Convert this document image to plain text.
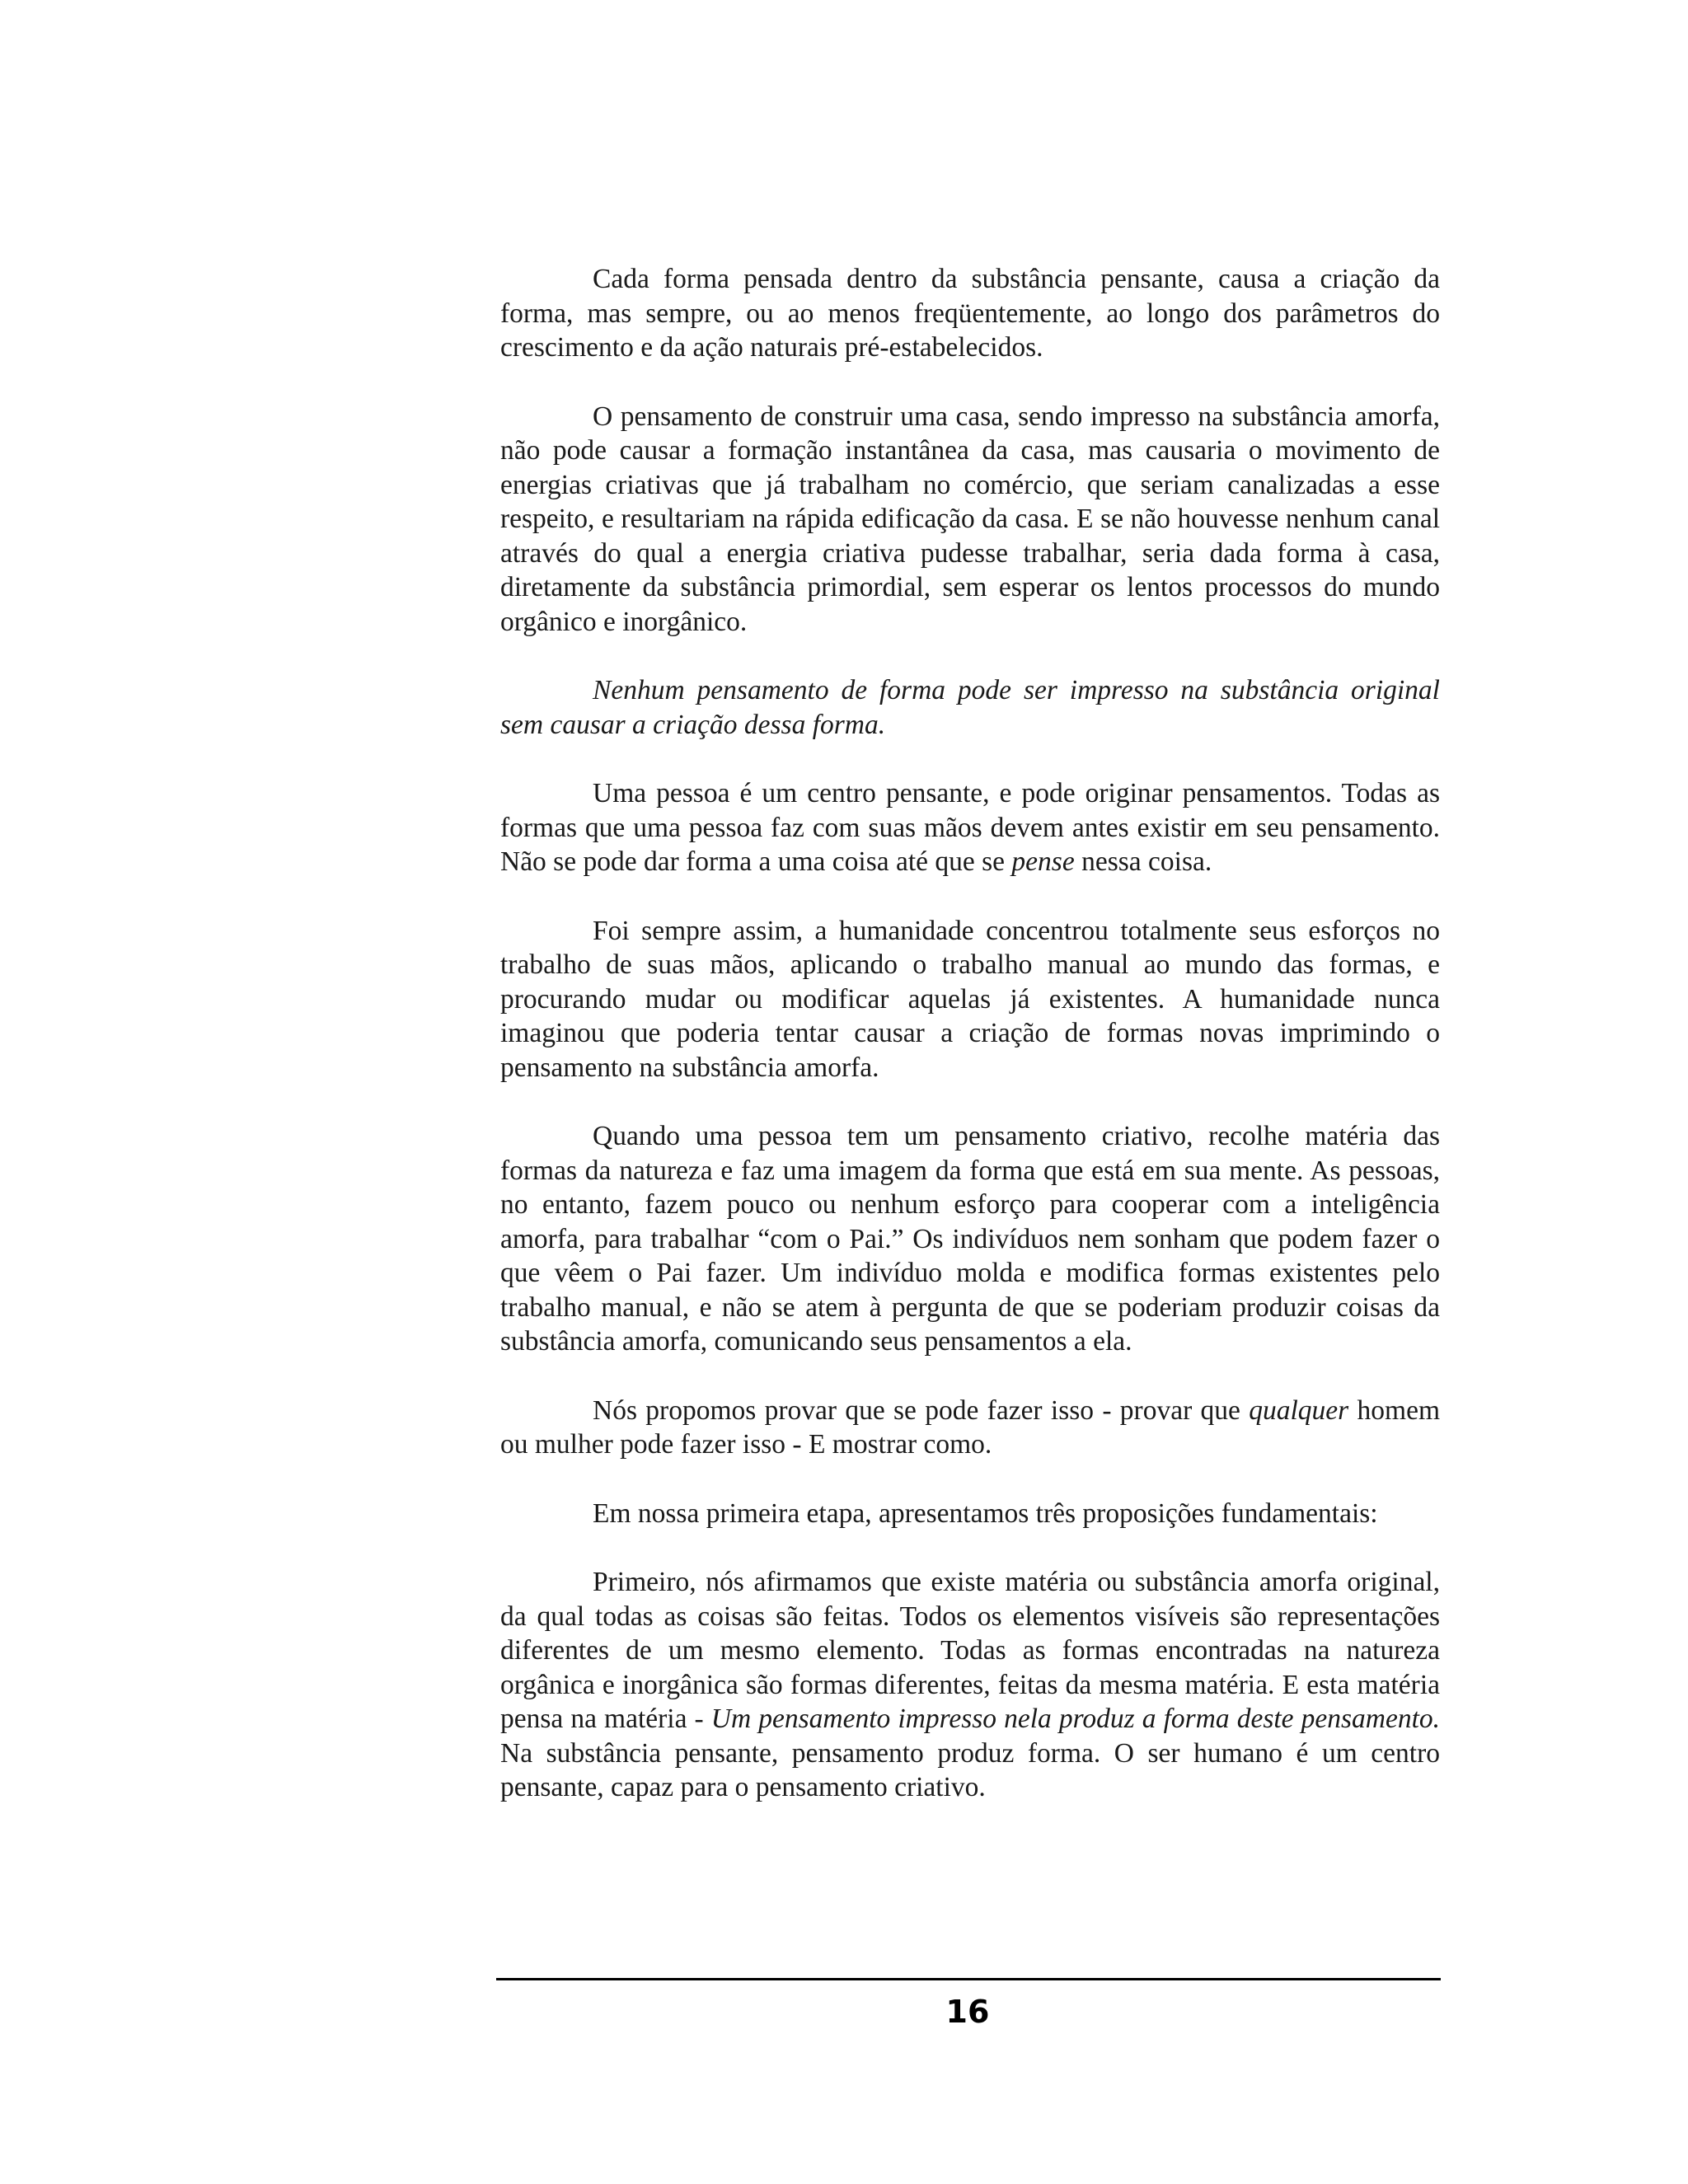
Cada forma pensada dentro da substância pensante, causa a criação da forma, mas sempre, ou ao menos freqüentemente, ao longo dos parâmetros do crescimento e da ação naturais pré-estabelecidos.

O pensamento de construir uma casa, sendo impresso na substância amorfa, não pode causar a formação instantânea da casa, mas causaria o movimento de energias criativas que já trabalham no comércio, que seriam canalizadas a esse respeito, e resultariam na rápida edificação da casa. E se não houvesse nenhum canal através do qual a energia criativa pudesse trabalhar, seria dada forma à casa, diretamente da substância primordial, sem esperar os lentos processos do mundo orgânico e inorgânico.

Nenhum pensamento de forma pode ser impresso na substância original sem causar a criação dessa forma.

Uma pessoa é um centro pensante, e pode originar pensamentos. Todas as formas que uma pessoa faz com suas mãos devem antes existir em seu pensamento. Não se pode dar forma a uma coisa até que se pense nessa coisa.

Foi sempre assim, a humanidade concentrou totalmente seus esforços no trabalho de suas mãos, aplicando o trabalho manual ao mundo das formas, e procurando mudar ou modificar aquelas já existentes. A humanidade nunca imaginou que poderia tentar causar a criação de formas novas imprimindo o pensamento na substância amorfa.

Quando uma pessoa tem um pensamento criativo, recolhe matéria das formas da natureza e faz uma imagem da forma que está em sua mente. As pessoas, no entanto, fazem pouco ou nenhum esforço para cooperar com a inteligência amorfa, para trabalhar “com o Pai.” Os indivíduos nem sonham que podem fazer o que vêem o Pai fazer. Um indivíduo molda e modifica formas existentes pelo trabalho manual, e não se atem à pergunta de que se poderiam produzir coisas da substância amorfa, comunicando seus pensamentos a ela.

Nós propomos provar que se pode fazer isso - provar que qualquer homem ou mulher pode fazer isso - E mostrar como.

Em nossa primeira etapa, apresentamos três proposições fundamentais:

Primeiro, nós afirmamos que existe matéria ou substância amorfa original, da qual todas as coisas são feitas. Todos os elementos visíveis são representações diferentes de um mesmo elemento. Todas as formas encontradas na natureza orgânica e inorgânica são formas diferentes, feitas da mesma matéria. E esta matéria pensa na matéria - Um pensamento impresso nela produz a forma deste pensamento. Na substância pensante, pensamento produz forma. O ser humano é um centro pensante, capaz para o pensamento criativo.

16
